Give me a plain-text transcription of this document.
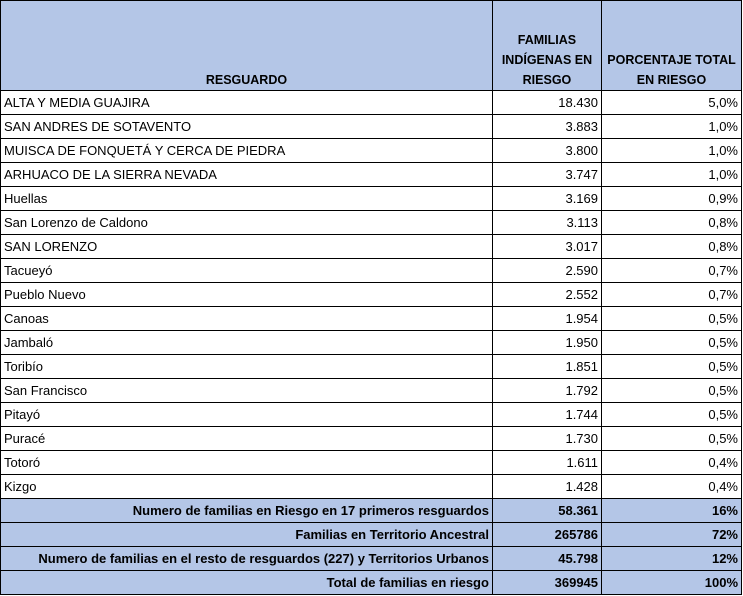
RESGUARDO	FAMILIAS INDÍGENAS EN RIESGO	PORCENTAJE TOTAL EN RIESGO
ALTA Y MEDIA GUAJIRA	18.430	5,0%
SAN ANDRES DE SOTAVENTO	3.883	1,0%
MUISCA DE FONQUETÁ Y CERCA DE PIEDRA	3.800	1,0%
ARHUACO DE LA SIERRA NEVADA	3.747	1,0%
Huellas	3.169	0,9%
San Lorenzo de Caldono	3.113	0,8%
SAN LORENZO	3.017	0,8%
Tacueyó	2.590	0,7%
Pueblo Nuevo	2.552	0,7%
Canoas	1.954	0,5%
Jambaló	1.950	0,5%
Toribío	1.851	0,5%
San Francisco	1.792	0,5%
Pitayó	1.744	0,5%
Puracé	1.730	0,5%
Totoró	1.611	0,4%
Kizgo	1.428	0,4%
Numero de familias en Riesgo en 17 primeros resguardos	58.361	16%
Familias en Territorio Ancestral	265786	72%
Numero de familias en el resto de resguardos (227) y Territorios Urbanos	45.798	12%
Total de familias en riesgo	369945	100%
